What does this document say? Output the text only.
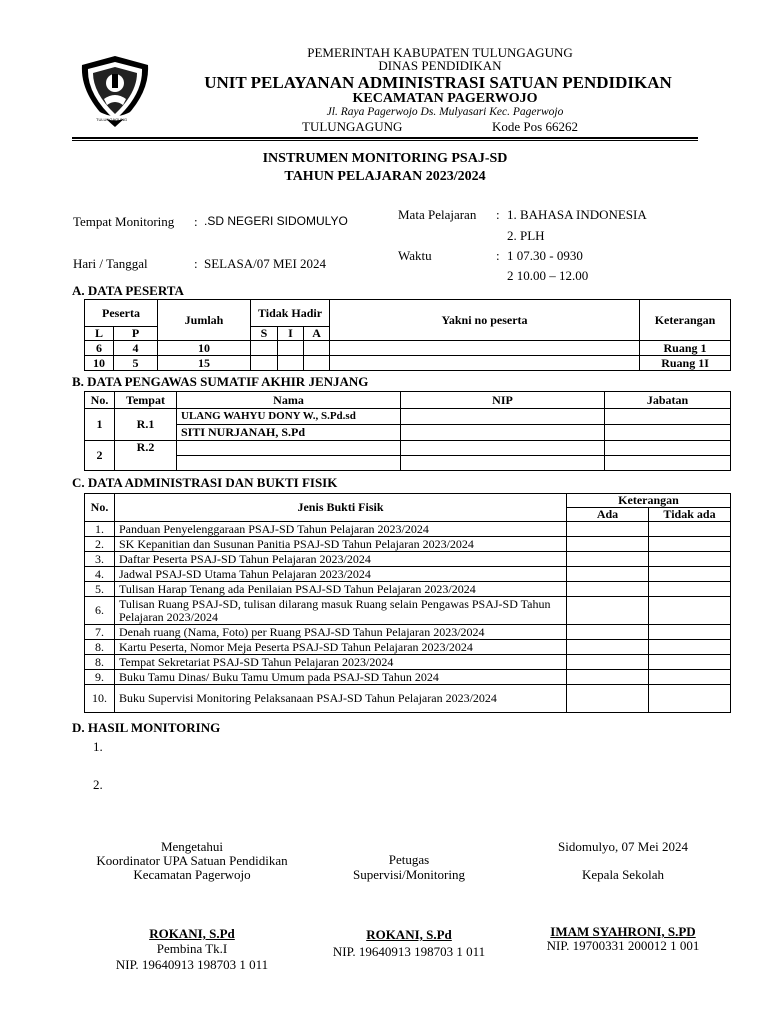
TULUNGAGUNG
PEMERINTAH KABUPATEN TULUNGAGUNG
DINAS PENDIDIKAN
UNIT PELAYANAN ADMINISTRASI SATUAN PENDIDIKAN
KECAMATAN PAGERWOJO
Jl. Raya Pagerwojo Ds. Mulyasari Kec. Pagerwojo
TULUNGAGUNG	Kode Pos 66262
INSTRUMEN MONITORING PSAJ-SD
TAHUN PELAJARAN 2023/2024
Tempat Monitoring : .SD NEGERI SIDOMULYO
Hari / Tanggal	: SELASA/07 MEI 2024
Mata Pelajaran : 1. BAHASA INDONESIA
2. PLH
Waktu	: 1 07.30 - 0930
2 10.00 – 12.00
A. DATA PESERTA
Peserta		Jumlah	Tidak Hadir			Yakni no peserta	Keterangan
L	P		S	I	A		
6	4	10					Ruang 1
10	5	15					Ruang 1I
B. DATA PENGAWAS SUMATIF AKHIR JENJANG
No.	Tempat	Nama	NIP	Jabatan
1	R.1	ULANG WAHYU DONY W., S.Pd.sd		
		SITI NURJANAH, S.Pd		
2	R.2			

C. DATA ADMINISTRASI DAN BUKTI FISIK
No.	Jenis Bukti Fisik	Keterangan	
		Ada	Tidak ada
1.	Panduan Penyelenggaraan PSAJ-SD Tahun Pelajaran 2023/2024		
2.	SK Kepanitian dan Susunan Panitia PSAJ-SD Tahun Pelajaran 2023/2024		
3.	Daftar Peserta PSAJ-SD Tahun Pelajaran 2023/2024		
4.	Jadwal PSAJ-SD Utama Tahun Pelajaran 2023/2024		
5.	Tulisan Harap Tenang ada Penilaian PSAJ-SD Tahun Pelajaran 2023/2024		
6.	Tulisan Ruang PSAJ-SD, tulisan dilarang masuk Ruang selain Pengawas PSAJ-SD Tahun Pelajaran 2023/2024		
7.	Denah ruang (Nama, Foto) per Ruang PSAJ-SD Tahun Pelajaran 2023/2024		
8.	Kartu Peserta, Nomor Meja Peserta PSAJ-SD Tahun Pelajaran 2023/2024		
8.	Tempat Sekretariat PSAJ-SD Tahun Pelajaran 2023/2024		
9.	Buku Tamu Dinas/ Buku Tamu Umum pada PSAJ-SD Tahun 2024		
10.	Buku Supervisi Monitoring Pelaksanaan PSAJ-SD Tahun Pelajaran 2023/2024		
D. HASIL MONITORING
1.
2.
Mengetahui
Koordinator UPA Satuan Pendidikan
Kecamatan Pagerwojo
ROKANI, S.Pd
Pembina Tk.I
NIP. 19640913 198703 1 011
Petugas
Supervisi/Monitoring
ROKANI, S.Pd
NIP. 19640913 198703 1 011
Sidomulyo, 07 Mei 2024
Kepala Sekolah
IMAM SYAHRONI, S.PD
NIP. 19700331 200012 1 001
